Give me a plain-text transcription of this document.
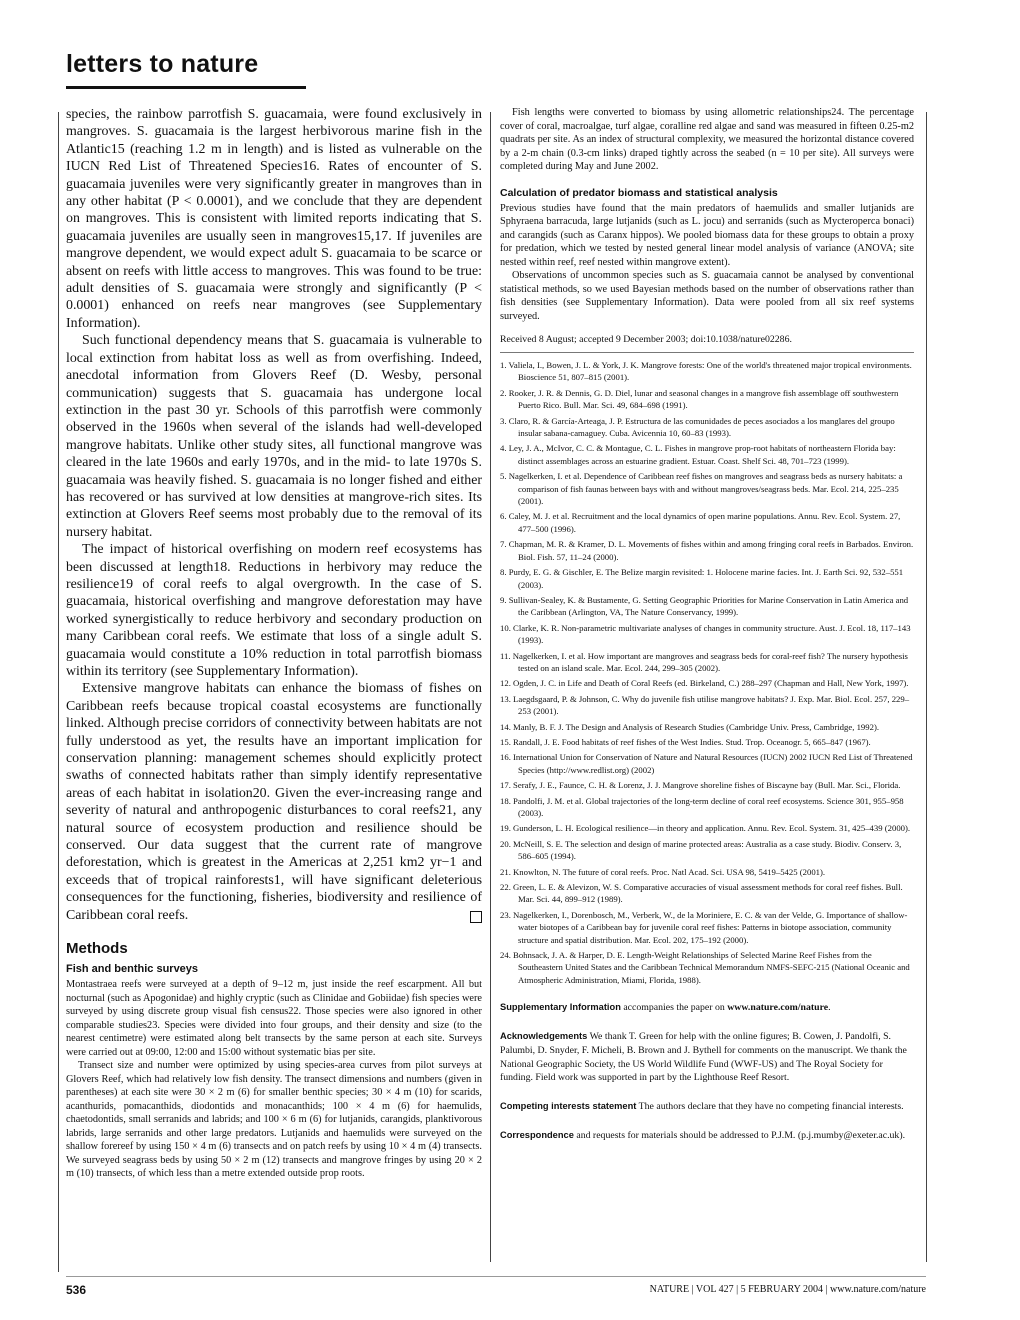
letters to nature

species, the rainbow parrotfish S. guacamaia, were found exclusively in mangroves. S. guacamaia is the largest herbivorous marine fish in the Atlantic15 (reaching 1.2 m in length) and is listed as vulnerable on the IUCN Red List of Threatened Species16. Rates of encounter of S. guacamaia juveniles were very significantly greater in mangroves than in any other habitat (P < 0.0001), and we conclude that they are dependent on mangroves. This is consistent with limited reports indicating that S. guacamaia juveniles are usually seen in mangroves15,17. If juveniles are mangrove dependent, we would expect adult S. guacamaia to be scarce or absent on reefs with little access to mangroves. This was found to be true: adult densities of S. guacamaia were strongly and significantly (P < 0.0001) enhanced on reefs near mangroves (see Supplementary Information).

Such functional dependency means that S. guacamaia is vulnerable to local extinction from habitat loss as well as from overfishing. Indeed, anecdotal information from Glovers Reef (D. Wesby, personal communication) suggests that S. guacamaia has undergone local extinction in the past 30 yr. Schools of this parrotfish were commonly observed in the 1960s when several of the islands had well-developed mangrove habitats. Unlike other study sites, all functional mangrove was cleared in the late 1960s and early 1970s, and in the mid- to late 1970s S. guacamaia was heavily fished. S. guacamaia is no longer fished and either has recovered or has survived at low densities at mangrove-rich sites. Its extinction at Glovers Reef seems most probably due to the removal of its nursery habitat.

The impact of historical overfishing on modern reef ecosystems has been discussed at length18. Reductions in herbivory may reduce the resilience19 of coral reefs to algal overgrowth. In the case of S. guacamaia, historical overfishing and mangrove deforestation may have worked synergistically to reduce herbivory and secondary production on many Caribbean coral reefs. We estimate that loss of a single adult S. guacamaia would constitute a 10% reduction in total parrotfish biomass within its territory (see Supplementary Information).

Extensive mangrove habitats can enhance the biomass of fishes on Caribbean reefs because tropical coastal ecosystems are functionally linked. Although precise corridors of connectivity between habitats are not fully understood as yet, the results have an important implication for conservation planning: management schemes should explicitly protect swaths of connected habitats rather than simply identify representative areas of each habitat in isolation20. Given the ever-increasing range and severity of natural and anthropogenic disturbances to coral reefs21, any natural source of ecosystem production and resilience should be conserved. Our data suggest that the current rate of mangrove deforestation, which is greatest in the Americas at 2,251 km2 yr−1 and exceeds that of tropical rainforests1, will have significant deleterious consequences for the functioning, fisheries, biodiversity and resilience of Caribbean coral reefs.

Methods
Fish and benthic surveys

Montastraea reefs were surveyed at a depth of 9–12 m, just inside the reef escarpment. All but nocturnal (such as Apogonidae) and highly cryptic (such as Clinidae and Gobiidae) fish species were surveyed by using discrete group visual fish census22. Those species were also ignored in other comparable studies23. Species were divided into four groups, and their density and size (to the nearest centimetre) were estimated along belt transects by the same person at each site. Surveys were carried out at 09:00, 12:00 and 15:00 without systematic bias per site.

Transect size and number were optimized by using species-area curves from pilot surveys at Glovers Reef, which had relatively low fish density. The transect dimensions and numbers (given in parentheses) at each site were 30 × 2 m (6) for smaller benthic species; 30 × 4 m (10) for scarids, acanthurids, pomacanthids, diodontids and monacanthids; 100 × 4 m (6) for haemulids, chaetodontids, small serranids and labrids; and 100 × 6 m (6) for lutjanids, carangids, planktivorous labrids, large serranids and other large predators. Lutjanids and haemulids were surveyed on the shallow forereef by using 150 × 4 m (6) transects and on patch reefs by using 10 × 4 m (4) transects. We surveyed seagrass beds by using 50 × 2 m (12) transects and mangrove fringes by using 20 × 2 m (10) transects, of which less than a metre extended outside prop roots.

Fish lengths were converted to biomass by using allometric relationships24. The percentage cover of coral, macroalgae, turf algae, coralline red algae and sand was measured in fifteen 0.25-m2 quadrats per site. As an index of structural complexity, we measured the horizontal distance covered by a 2-m chain (0.3-cm links) draped tightly across the seabed (n = 10 per site). All surveys were completed during May and June 2002.

Calculation of predator biomass and statistical analysis

Previous studies have found that the main predators of haemulids and smaller lutjanids are Sphyraena barracuda, large lutjanids (such as L. jocu) and serranids (such as Mycteroperca bonaci) and carangids (such as Caranx hippos). We pooled biomass data for these groups to obtain a proxy for predation, which we tested by nested general linear model analysis of variance (ANOVA; site nested within reef, reef nested within mangrove extent).

Observations of uncommon species such as S. guacamaia cannot be analysed by conventional statistical methods, so we used Bayesian methods based on the number of observations rather than fish densities (see Supplementary Information). Data were pooled from all six reef systems surveyed.

Received 8 August; accepted 9 December 2003; doi:10.1038/nature02286.
1. Valiela, I., Bowen, J. L. & York, J. K. Mangrove forests: One of the world's threatened major tropical environments. Bioscience 51, 807–815 (2001).
2. Rooker, J. R. & Dennis, G. D. Diel, lunar and seasonal changes in a mangrove fish assemblage off southwestern Puerto Rico. Bull. Mar. Sci. 49, 684–698 (1991).
3. Claro, R. & García-Arteaga, J. P. Estructura de las comunidades de peces asociados a los manglares del groupo insular sabana-camaguey. Cuba. Avicennia 10, 60–83 (1993).
4. Ley, J. A., McIvor, C. C. & Montague, C. L. Fishes in mangrove prop-root habitats of northeastern Florida bay: distinct assemblages across an estuarine gradient. Estuar. Coast. Shelf Sci. 48, 701–723 (1999).
5. Nagelkerken, I. et al. Dependence of Caribbean reef fishes on mangroves and seagrass beds as nursery habitats: a comparison of fish faunas between bays with and without mangroves/seagrass beds. Mar. Ecol. 214, 225–235 (2001).
6. Caley, M. J. et al. Recruitment and the local dynamics of open marine populations. Annu. Rev. Ecol. System. 27, 477–500 (1996).
7. Chapman, M. R. & Kramer, D. L. Movements of fishes within and among fringing coral reefs in Barbados. Environ. Biol. Fish. 57, 11–24 (2000).
8. Purdy, E. G. & Gischler, E. The Belize margin revisited: 1. Holocene marine facies. Int. J. Earth Sci. 92, 532–551 (2003).
9. Sullivan-Sealey, K. & Bustamente, G. Setting Geographic Priorities for Marine Conservation in Latin America and the Caribbean (Arlington, VA, The Nature Conservancy, 1999).
10. Clarke, K. R. Non-parametric multivariate analyses of changes in community structure. Aust. J. Ecol. 18, 117–143 (1993).
11. Nagelkerken, I. et al. How important are mangroves and seagrass beds for coral-reef fish? The nursery hypothesis tested on an island scale. Mar. Ecol. 244, 299–305 (2002).
12. Ogden, J. C. in Life and Death of Coral Reefs (ed. Birkeland, C.) 288–297 (Chapman and Hall, New York, 1997).
13. Laegdsgaard, P. & Johnson, C. Why do juvenile fish utilise mangrove habitats? J. Exp. Mar. Biol. Ecol. 257, 229–253 (2001).
14. Manly, B. F. J. The Design and Analysis of Research Studies (Cambridge Univ. Press, Cambridge, 1992).
15. Randall, J. E. Food habitats of reef fishes of the West Indies. Stud. Trop. Oceanogr. 5, 665–847 (1967).
16. International Union for Conservation of Nature and Natural Resources (IUCN) 2002 IUCN Red List of Threatened Species (http://www.redlist.org) (2002)
17. Serafy, J. E., Faunce, C. H. & Lorenz, J. J. Mangrove shoreline fishes of Biscayne bay (Bull. Mar. Sci., Florida.
18. Pandolfi, J. M. et al. Global trajectories of the long-term decline of coral reef ecosystems. Science 301, 955–958 (2003).
19. Gunderson, L. H. Ecological resilience—in theory and application. Annu. Rev. Ecol. System. 31, 425–439 (2000).
20. McNeill, S. E. The selection and design of marine protected areas: Australia as a case study. Biodiv. Conserv. 3, 586–605 (1994).
21. Knowlton, N. The future of coral reefs. Proc. Natl Acad. Sci. USA 98, 5419–5425 (2001).
22. Green, L. E. & Alevizon, W. S. Comparative accuracies of visual assessment methods for coral reef fishes. Bull. Mar. Sci. 44, 899–912 (1989).
23. Nagelkerken, I., Dorenbosch, M., Verberk, W., de la Moriniere, E. C. & van der Velde, G. Importance of shallow-water biotopes of a Caribbean bay for juvenile coral reef fishes: Patterns in biotope association, community structure and spatial distribution. Mar. Ecol. 202, 175–192 (2000).
24. Bohnsack, J. A. & Harper, D. E. Length-Weight Relationships of Selected Marine Reef Fishes from the Southeastern United States and the Caribbean Technical Memorandum NMFS-SEFC-215 (National Oceanic and Atmospheric Administration, Miami, Florida, 1988).

Supplementary Information accompanies the paper on www.nature.com/nature.

Acknowledgements We thank T. Green for help with the online figures; B. Cowen, J. Pandolfi, S. Palumbi, D. Snyder, F. Micheli, B. Brown and J. Bythell for comments on the manuscript. We thank the National Geographic Society, the US World Wildlife Fund (WWF-US) and The Royal Society for funding. Field work was supported in part by the Lighthouse Reef Resort.

Competing interests statement The authors declare that they have no competing financial interests.

Correspondence and requests for materials should be addressed to P.J.M. (p.j.mumby@exeter.ac.uk).

536	NATURE | VOL 427 | 5 FEBRUARY 2004 | www.nature.com/nature
